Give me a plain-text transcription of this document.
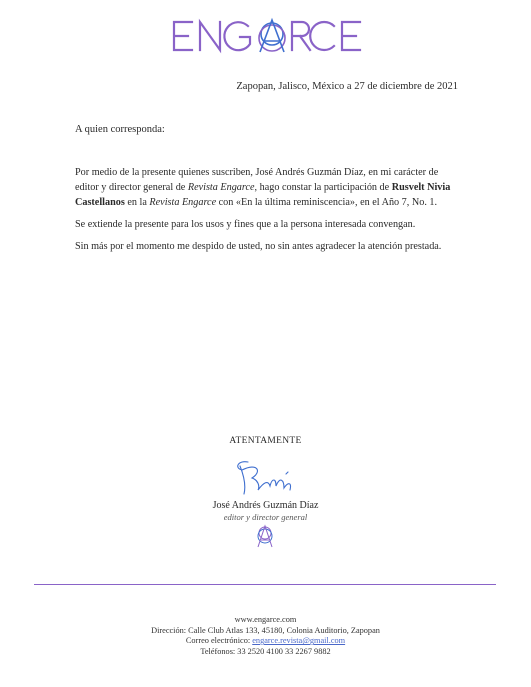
Zapopan, Jalisco, México a 27 de diciembre de 2021
A quien corresponda:

Por medio de la presente quienes suscriben, José Andrés Guzmán Díaz, en mi carácter de editor y director general de Revista Engarce, hago constar la participación de Rusvelt Nivia Castellanos en la Revista Engarce con «En la última reminiscencia», en el Año 7, No. 1.

Se extiende la presente para los usos y fines que a la persona interesada convengan.

Sin más por el momento me despido de usted, no sin antes agradecer la atención prestada.

ATENTAMENTE
José Andrés Guzmán Díaz
editor y director general
www.engarce.com
Dirección: Calle Club Atlas 133, 45180, Colonia Auditorio, Zapopan
Correo electrónico: engarce.revista@gmail.com
Teléfonos: 33 2520 4100 33 2267 9882
